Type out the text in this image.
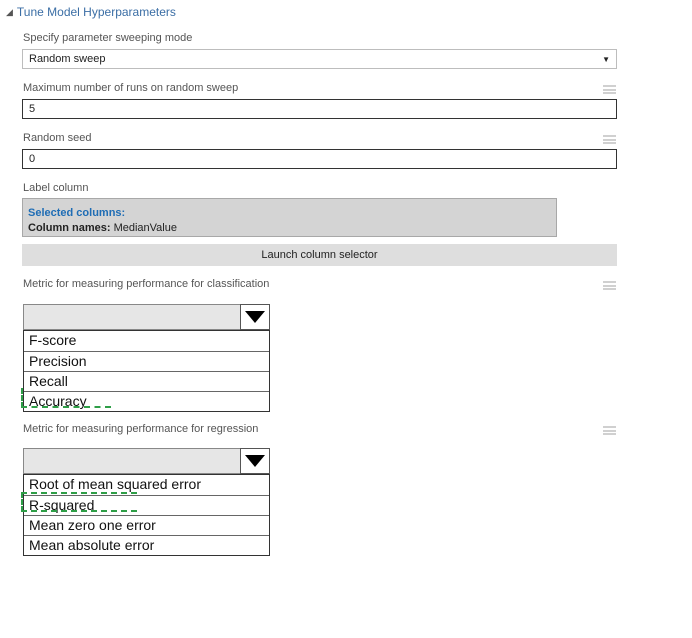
◢ Tune Model Hyperparameters
Specify parameter sweeping mode
Random sweep	▼
Maximum number of runs on random sweep
5
Random seed
0
Label column
Selected columns:
Column names: MedianValue
Launch column selector
Metric for measuring performance for classification
F-score
Precision
Recall
Accuracy
Metric for measuring performance for regression
Root of mean squared error
R-squared
Mean zero one error
Mean absolute error
